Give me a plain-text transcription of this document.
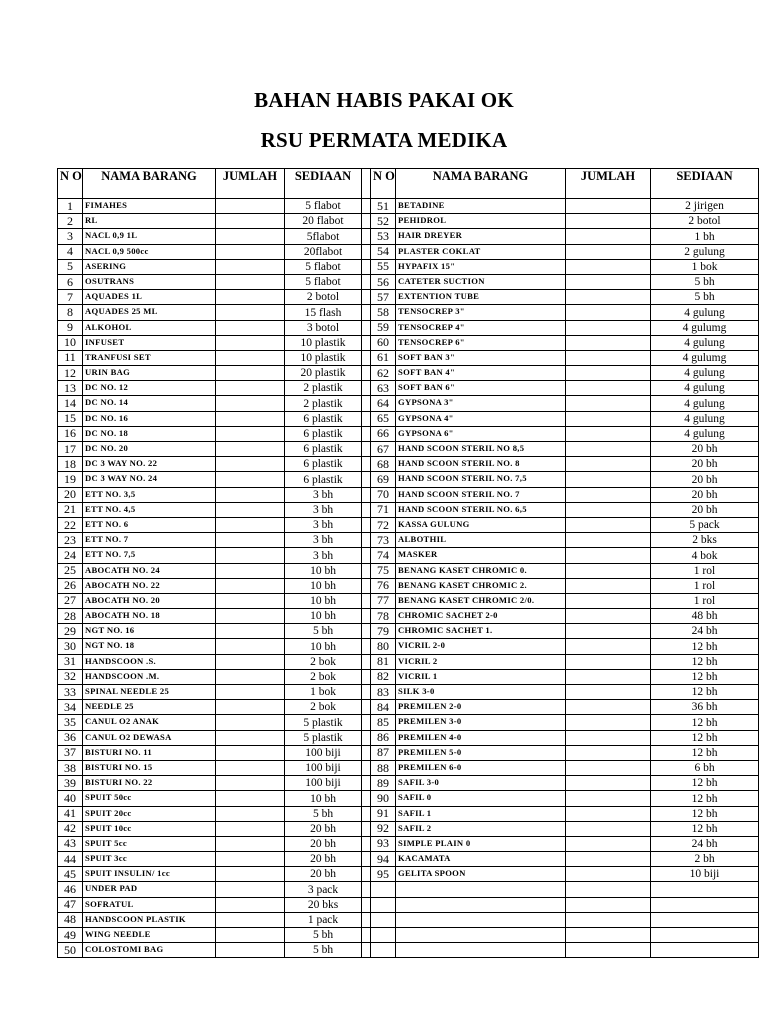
BAHAN HABIS PAKAI OK
RSU PERMATA MEDIKA
N O	NAMA BARANG	JUMLAH	SEDIAAN		N O	NAMA BARANG	JUMLAH	SEDIAAN
1	FIMAHES		5 flabot		51	BETADINE		2 jirigen
2	RL		20 flabot		52	PEHIDROL		2 botol
3	NACL 0,9 1L		5flabot		53	HAIR DREYER		1 bh
4	NACL 0,9 500cc		20flabot		54	PLASTER COKLAT		2 gulung
5	ASERING		5 flabot		55	HYPAFIX 15"		1 bok
6	OSUTRANS		5 flabot		56	CATETER SUCTION		5 bh
7	AQUADES 1L		2 botol		57	EXTENTION TUBE		5 bh
8	AQUADES 25 ML		15 flash		58	TENSOCREP 3"		4 gulung
9	ALKOHOL		3 botol		59	TENSOCREP 4"		4 gulumg
10	INFUSET		10 plastik		60	TENSOCREP 6"		4 gulung
11	TRANFUSI SET		10 plastik		61	SOFT BAN 3"		4 gulumg
12	URIN BAG		20 plastik		62	SOFT BAN 4"		4 gulung
13	DC NO. 12		2 plastik		63	SOFT BAN 6"		4 gulung
14	DC NO. 14		2 plastik		64	GYPSONA 3"		4 gulung
15	DC NO. 16		6 plastik		65	GYPSONA 4"		4 gulung
16	DC NO. 18		6 plastik		66	GYPSONA 6"		4 gulung
17	DC NO. 20		6 plastik		67	HAND SCOON STERIL NO 8,5		20 bh
18	DC 3 WAY NO. 22		6 plastik		68	HAND SCOON STERIL NO. 8		20 bh
19	DC 3 WAY NO. 24		6 plastik		69	HAND SCOON STERIL NO. 7,5		20 bh
20	ETT NO. 3,5		3 bh		70	HAND SCOON STERIL NO. 7		20 bh
21	ETT NO. 4,5		3 bh		71	HAND SCOON STERIL NO. 6,5		20 bh
22	ETT NO. 6		3 bh		72	KASSA GULUNG		5 pack
23	ETT NO. 7		3 bh		73	ALBOTHIL		2 bks
24	ETT NO. 7,5		3 bh		74	MASKER		4 bok
25	ABOCATH NO. 24		10 bh		75	BENANG KASET CHROMIC 0.		1 rol
26	ABOCATH NO. 22		10 bh		76	BENANG KASET CHROMIC 2.		1 rol
27	ABOCATH NO. 20		10 bh		77	BENANG KASET CHROMIC 2/0.		1 rol
28	ABOCATH NO. 18		10 bh		78	CHROMIC SACHET 2-0		48 bh
29	NGT NO. 16		5 bh		79	CHROMIC SACHET 1.		24 bh
30	NGT NO. 18		10 bh		80	VICRIL 2-0		12 bh
31	HANDSCOON .S.		2 bok		81	VICRIL 2		12 bh
32	HANDSCOON .M.		2 bok		82	VICRIL 1		12 bh
33	SPINAL NEEDLE 25		1 bok		83	SILK 3-0		12 bh
34	NEEDLE 25		2 bok		84	PREMILEN 2-0		36 bh
35	CANUL O2 ANAK		5 plastik		85	PREMILEN 3-0		12 bh
36	CANUL O2 DEWASA		5 plastik		86	PREMILEN 4-0		12 bh
37	BISTURI NO. 11		100 biji		87	PREMILEN 5-0		12 bh
38	BISTURI NO. 15		100 biji		88	PREMILEN 6-0		6 bh
39	BISTURI NO. 22		100 biji		89	SAFIL 3-0		12 bh
40	SPUIT 50cc		10 bh		90	SAFIL 0		12 bh
41	SPUIT 20cc		5 bh		91	SAFIL 1		12 bh
42	SPUIT 10cc		20 bh		92	SAFIL 2		12 bh
43	SPUIT 5cc		20 bh		93	SIMPLE PLAIN 0		24 bh
44	SPUIT 3cc		20 bh		94	KACAMATA		2 bh
45	SPUIT INSULIN/ 1cc		20 bh		95	GELITA SPOON		10 biji
46	UNDER PAD		3 pack					
47	SOFRATUL		20 bks					
48	HANDSCOON PLASTIK		1 pack					
49	WING NEEDLE		5 bh					
50	COLOSTOMI BAG		5 bh					
